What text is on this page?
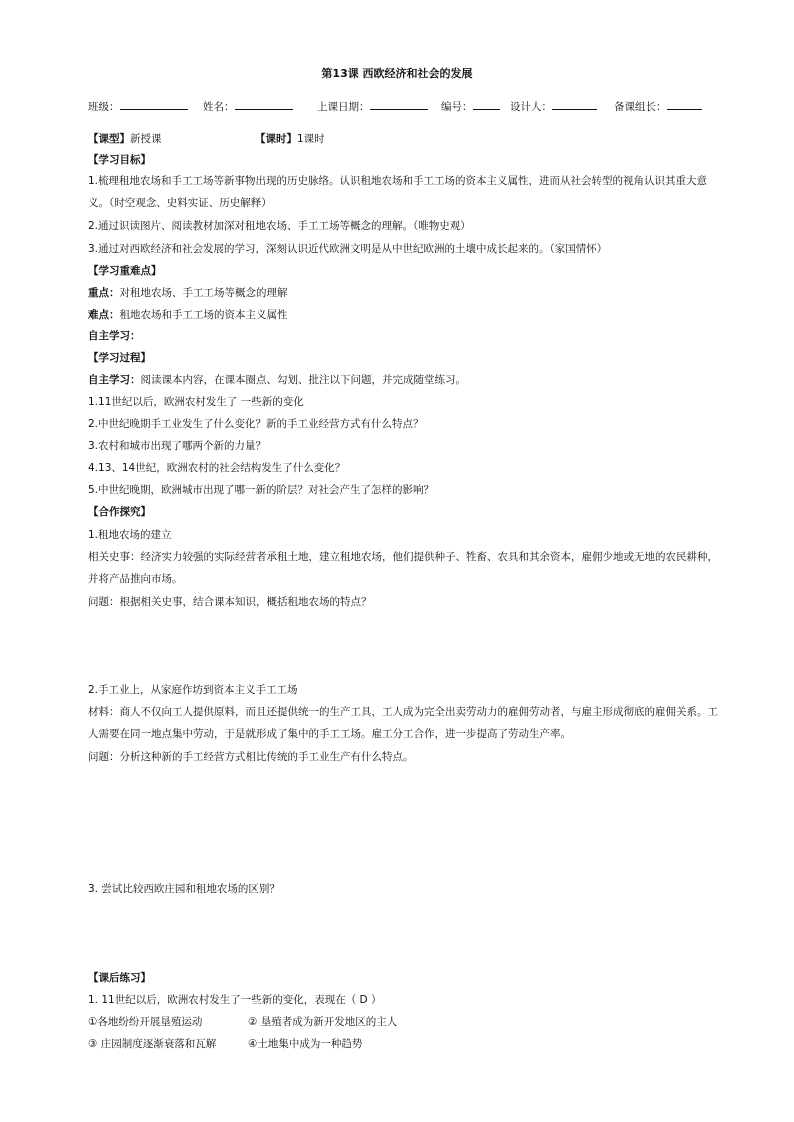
第13课 西欧经济和社会的发展
班级：	姓名：	上课日期：	编号：	设计人：	备课组长：
【课型】新授课	【课时】1课时
【学习目标】
1.梳理租地农场和手工工场等新事物出现的历史脉络。认识租地农场和手工工场的资本主义属性，进而从社会转型的视角认识其重大意义。（时空观念、史料实证、历史解释）
2.通过识读图片、阅读教材加深对租地农场、手工工场等概念的理解。（唯物史观）
3.通过对西欧经济和社会发展的学习，深刻认识近代欧洲文明是从中世纪欧洲的土壤中成长起来的。（家国情怀）
【学习重难点】
重点：对租地农场、手工工场等概念的理解
难点：租地农场和手工工场的资本主义属性
自主学习：
【学习过程】
自主学习：阅读课本内容，在课本圈点、勾划、批注以下问题，并完成随堂练习。
1.11世纪以后，欧洲农村发生了 一些新的变化
2.中世纪晚期手工业发生了什么变化？新的手工业经营方式有什么特点？
3.农村和城市出现了哪两个新的力量？
4.13、14世纪，欧洲农村的社会结构发生了什么变化？
5.中世纪晚期，欧洲城市出现了哪一新的阶层？对社会产生了怎样的影响？
【合作探究】
1.租地农场的建立
相关史事：经济实力较强的实际经营者承租土地，建立租地农场，他们提供种子、牲畜、农具和其余资本，雇佣少地或无地的农民耕种，并将产品推向市场。
问题：根据相关史事，结合课本知识，概括租地农场的特点？
2.手工业上，从家庭作坊到资本主义手工工场
材料：商人不仅向工人提供原料，而且还提供统一的生产工具，工人成为完全出卖劳动力的雇佣劳动者，与雇主形成彻底的雇佣关系。工人需要在同一地点集中劳动，于是就形成了集中的手工工场。雇工分工合作，进一步提高了劳动生产率。
问题：分析这种新的手工经营方式相比传统的手工业生产有什么特点。
3. 尝试比较西欧庄园和租地农场的区别？
【课后练习】
1. 11世纪以后，欧洲农村发生了一些新的变化，表现在（ D ）
①各地纷纷开展垦殖运动	② 垦殖者成为新开发地区的主人
③ 庄园制度逐渐衰落和瓦解	④土地集中成为一种趋势
